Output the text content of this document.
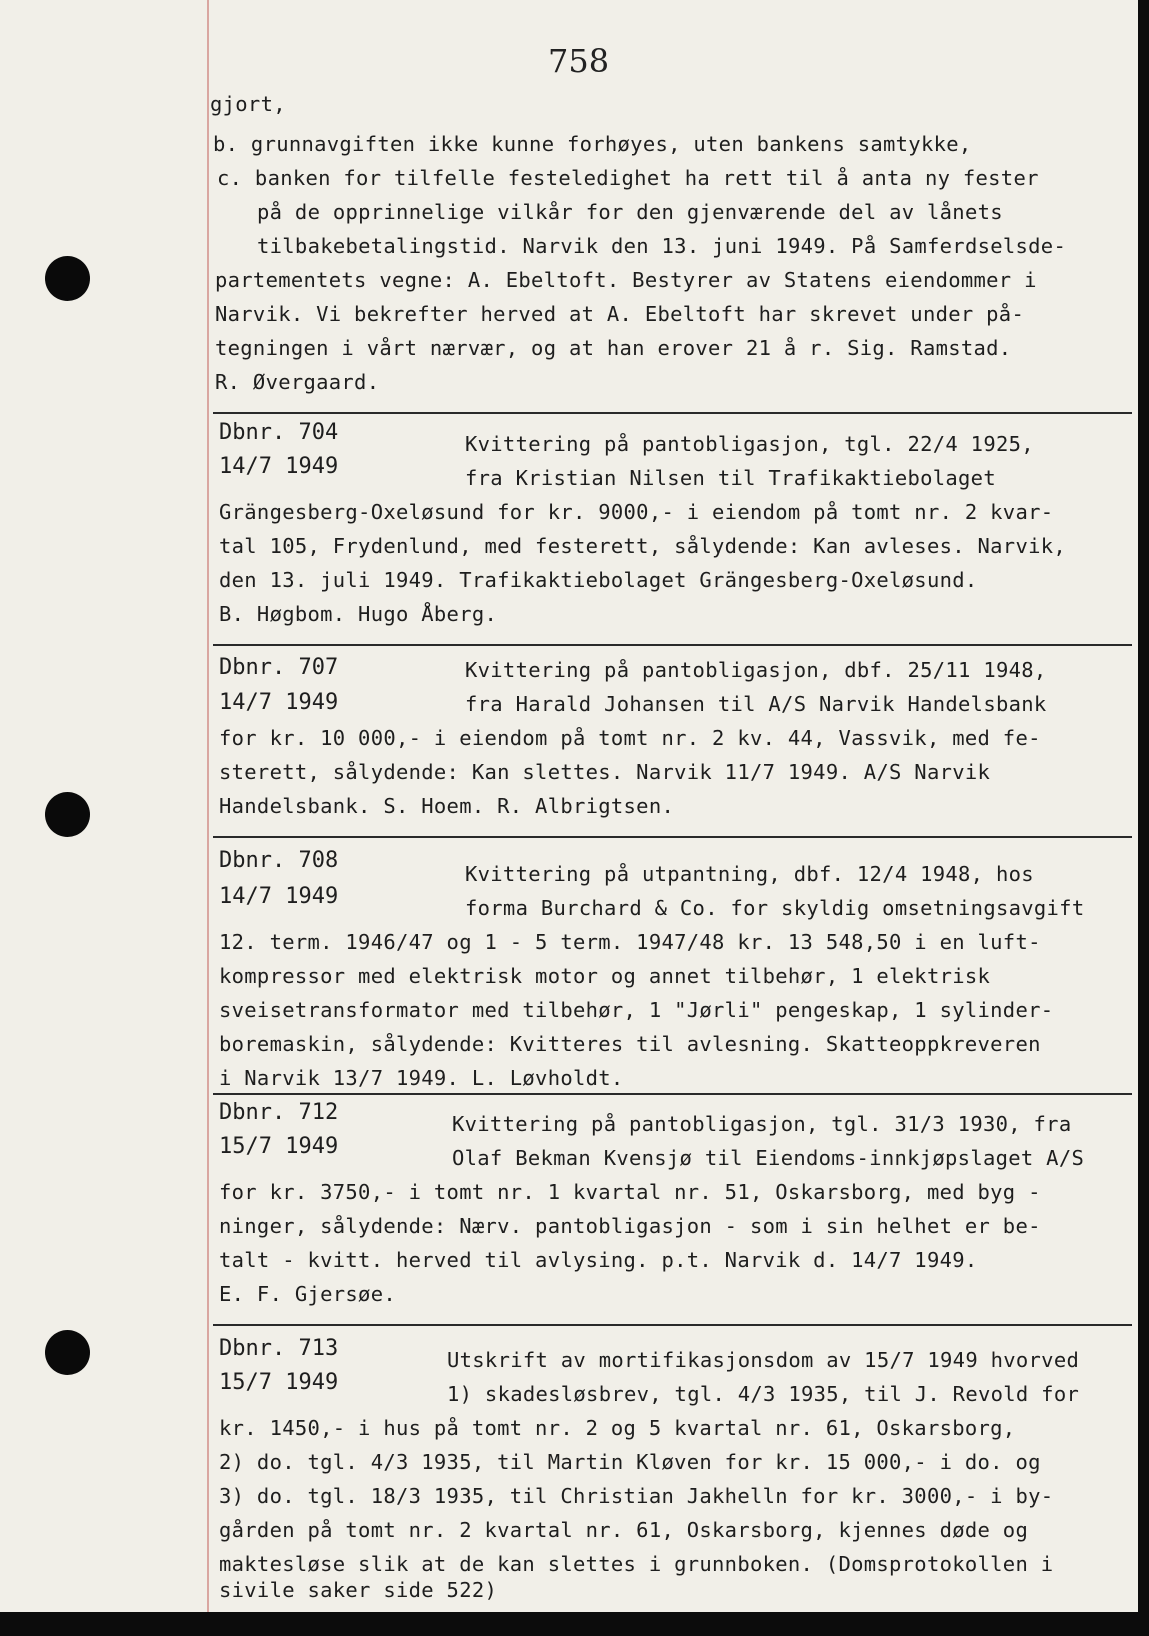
758
gjort,
b. grunnavgiften ikke kunne forhøyes, uten bankens samtykke,
c. banken for tilfelle festeledighet ha rett til å anta ny fester
på de opprinnelige vilkår for den gjenværende del av lånets
tilbakebetalingstid. Narvik den 13. juni 1949. På Samferdselsde-
partementets vegne: A. Ebeltoft. Bestyrer av Statens eiendommer i
Narvik. Vi bekrefter herved at A. Ebeltoft har skrevet under på-
tegningen i vårt nærvær, og at han erover 21 å r. Sig. Ramstad.
R. Øvergaard.
Dbnr. 704
14/7 1949
Kvittering på pantobligasjon, tgl. 22/4 1925,
fra Kristian Nilsen til Trafikaktiebolaget
Grängesberg-Oxeløsund for kr. 9000,- i eiendom på tomt nr. 2 kvar-
tal 105, Frydenlund, med festerett, sålydende: Kan avleses. Narvik,
den 13. juli 1949. Trafikaktiebolaget Grängesberg-Oxeløsund.
B. Høgbom. Hugo Åberg.
Dbnr. 707
14/7 1949
Kvittering på pantobligasjon, dbf. 25/11 1948,
fra Harald Johansen til A/S Narvik Handelsbank
for kr. 10 000,- i eiendom på tomt nr. 2 kv. 44, Vassvik, med fe-
sterett, sålydende: Kan slettes. Narvik 11/7 1949. A/S Narvik
Handelsbank. S. Hoem. R. Albrigtsen.
Dbnr. 708
14/7 1949
Kvittering på utpantning, dbf. 12/4 1948, hos
forma Burchard & Co. for skyldig omsetningsavgift
12. term. 1946/47 og 1 - 5 term. 1947/48 kr. 13 548,50 i en luft-
kompressor med elektrisk motor og annet tilbehør, 1 elektrisk
sveisetransformator med tilbehør, 1 "Jørli" pengeskap, 1 sylinder-
boremaskin, sålydende: Kvitteres til avlesning. Skatteoppkreveren
i Narvik 13/7 1949. L. Løvholdt.
Dbnr. 712
15/7 1949
Kvittering på pantobligasjon, tgl. 31/3 1930, fra
Olaf Bekman Kvensjø til Eiendoms-innkjøpslaget A/S
for kr. 3750,- i tomt nr. 1 kvartal nr. 51, Oskarsborg, med byg -
ninger, sålydende: Nærv. pantobligasjon - som i sin helhet er be-
talt - kvitt. herved til avlysing. p.t. Narvik d. 14/7 1949.
E. F. Gjersøe.
Dbnr. 713
15/7 1949
Utskrift av mortifikasjonsdom av 15/7 1949 hvorved
1) skadesløsbrev, tgl. 4/3 1935, til J. Revold for
kr. 1450,- i hus på tomt nr. 2 og 5 kvartal nr. 61, Oskarsborg,
2) do. tgl. 4/3 1935, til Martin Kløven for kr. 15 000,- i do. og
3) do. tgl. 18/3 1935, til Christian Jakhelln for kr. 3000,- i by-
gården på tomt nr. 2 kvartal nr. 61, Oskarsborg, kjennes døde og
maktesløse slik at de kan slettes i grunnboken. (Domsprotokollen i
sivile saker side 522)
